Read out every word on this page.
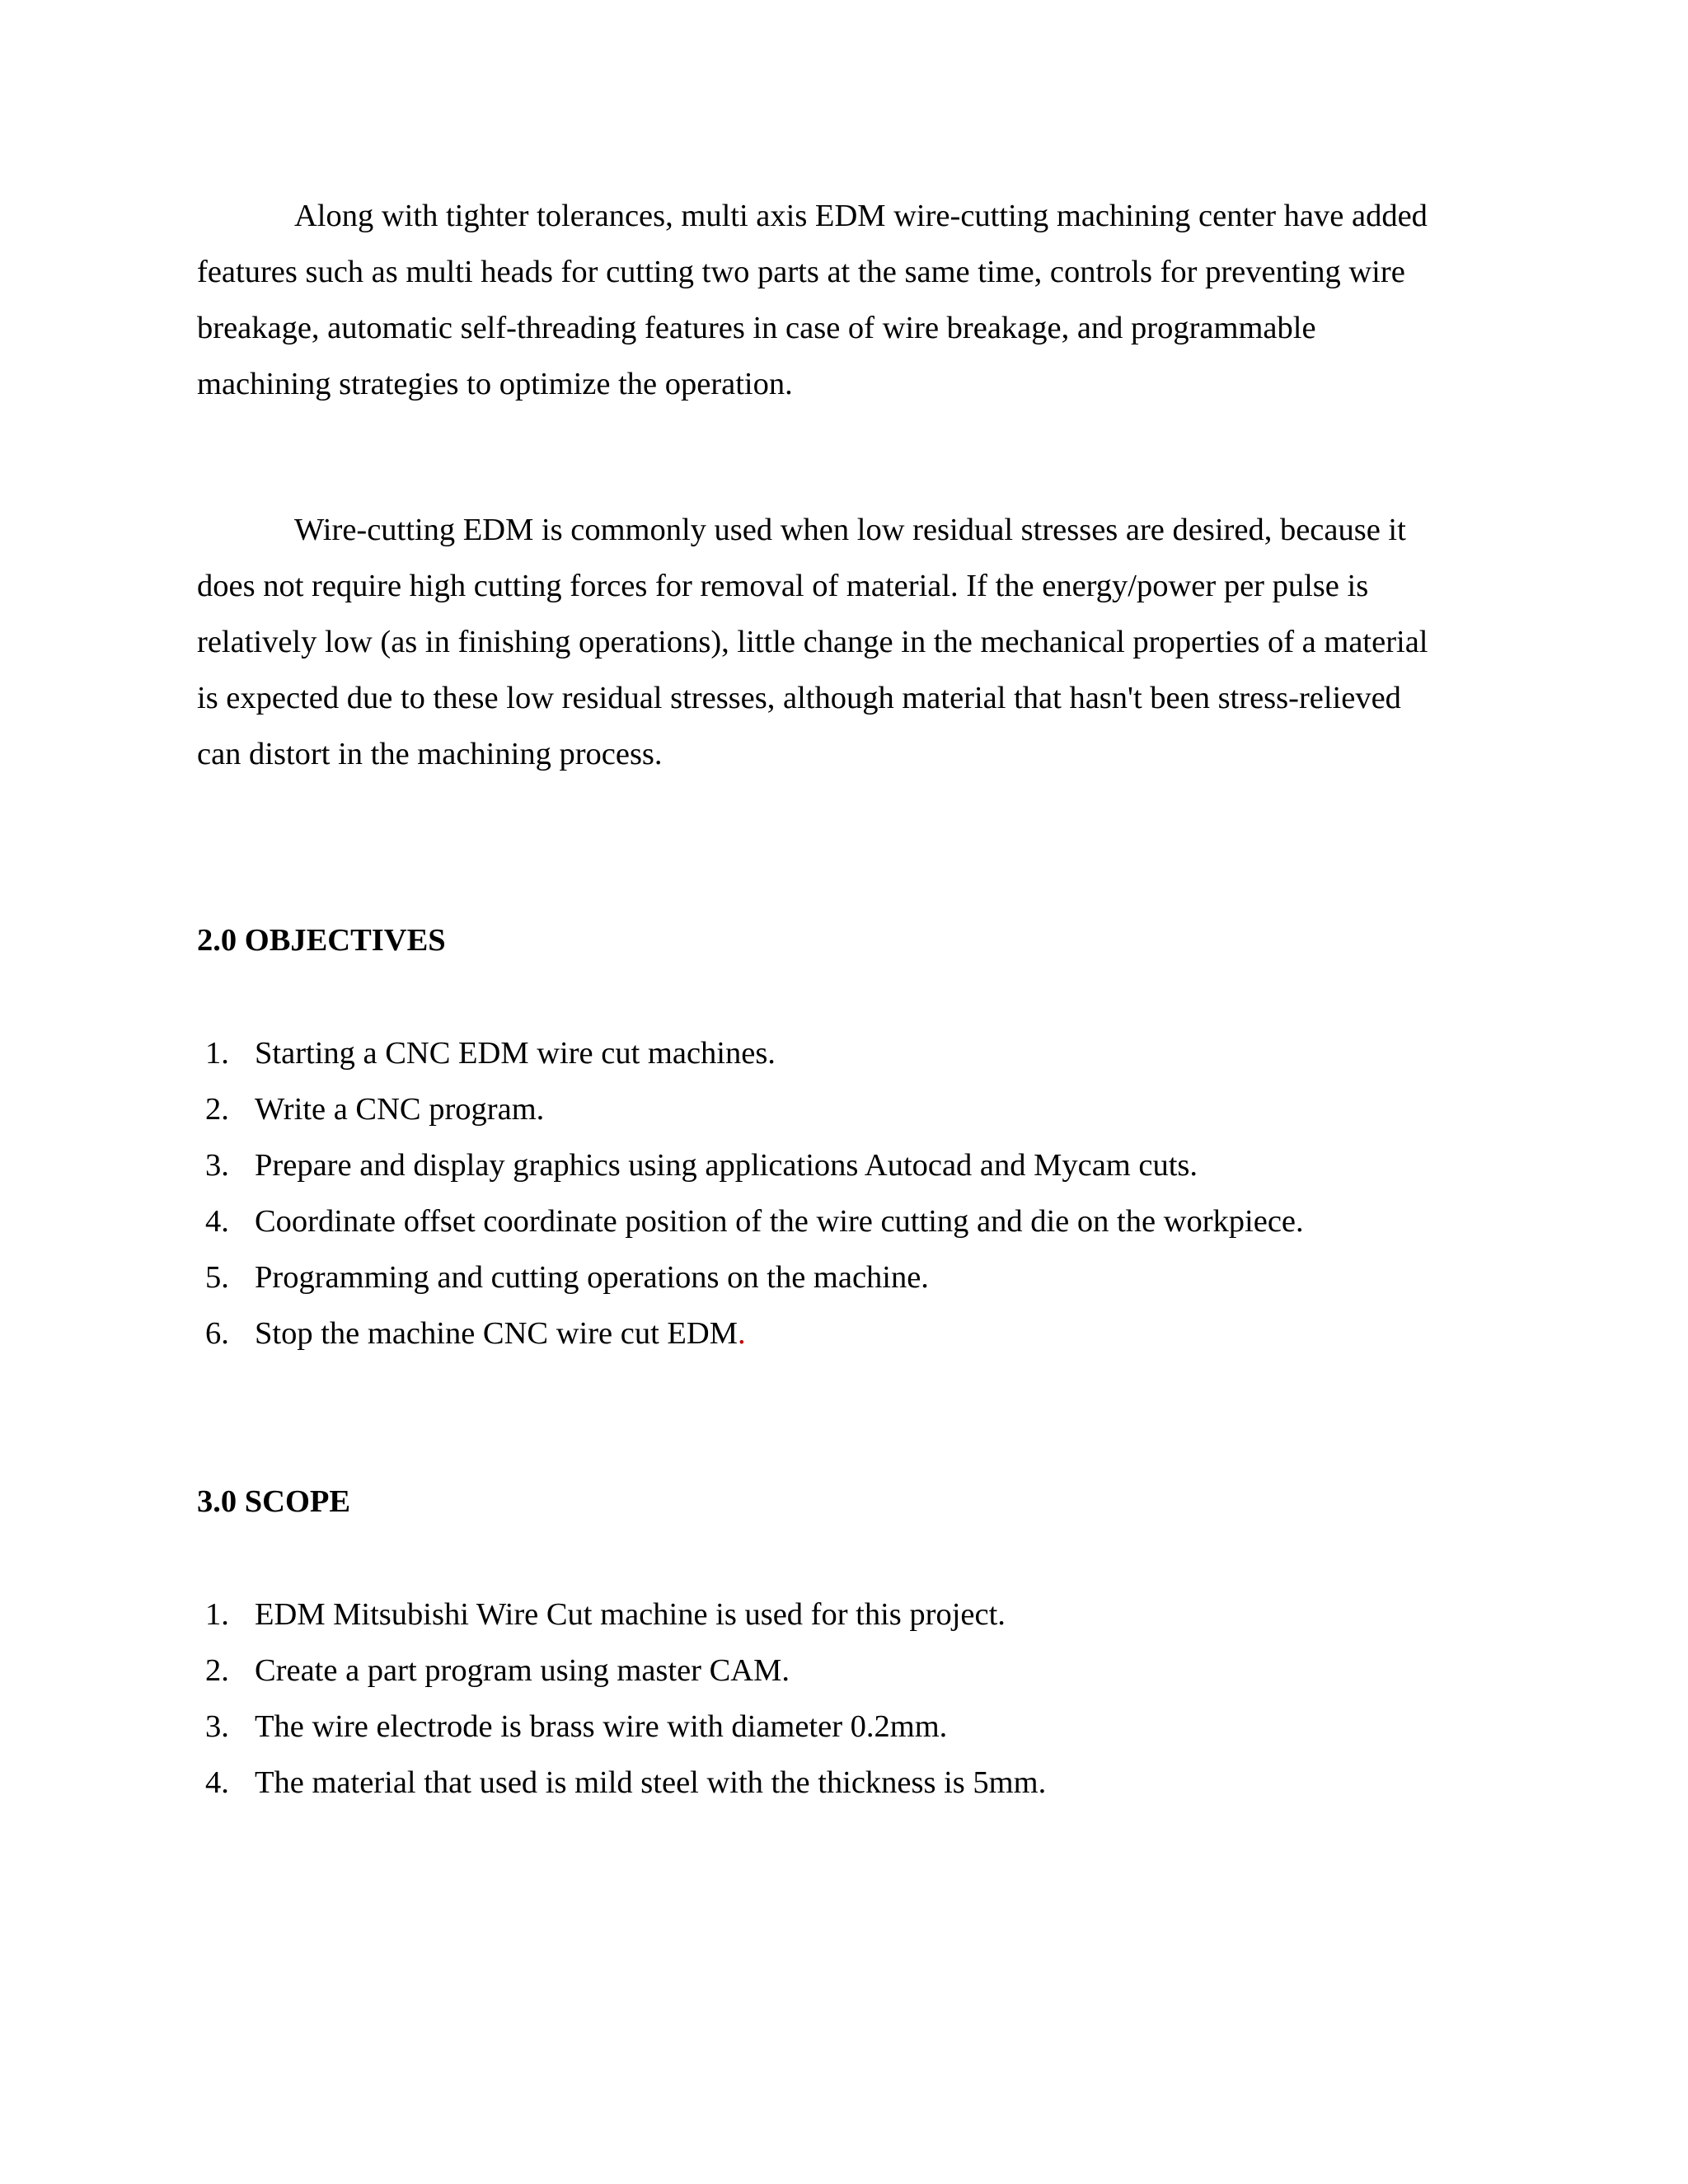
Along with tighter tolerances, multi axis EDM wire-cutting machining center have added
features such as multi heads for cutting two parts at the same time, controls for preventing wire
breakage, automatic self-threading features in case of wire breakage, and programmable
machining strategies to optimize the operation.

Wire-cutting EDM is commonly used when low residual stresses are desired, because it
does not require high cutting forces for removal of material. If the energy/power per pulse is
relatively low (as in finishing operations), little change in the mechanical properties of a material
is expected due to these low residual stresses, although material that hasn't been stress-relieved
can distort in the machining process.

2.0 OBJECTIVES
1. Starting a CNC EDM wire cut machines.
2. Write a CNC program.
3. Prepare and display graphics using applications Autocad and Mycam cuts.
4. Coordinate offset coordinate position of the wire cutting and die on the workpiece.
5. Programming and cutting operations on the machine.
6. Stop the machine CNC wire cut EDM.
3.0 SCOPE
1. EDM Mitsubishi Wire Cut machine is used for this project.
2. Create a part program using master CAM.
3. The wire electrode is brass wire with diameter 0.2mm.
4. The material that used is mild steel with the thickness is 5mm.
